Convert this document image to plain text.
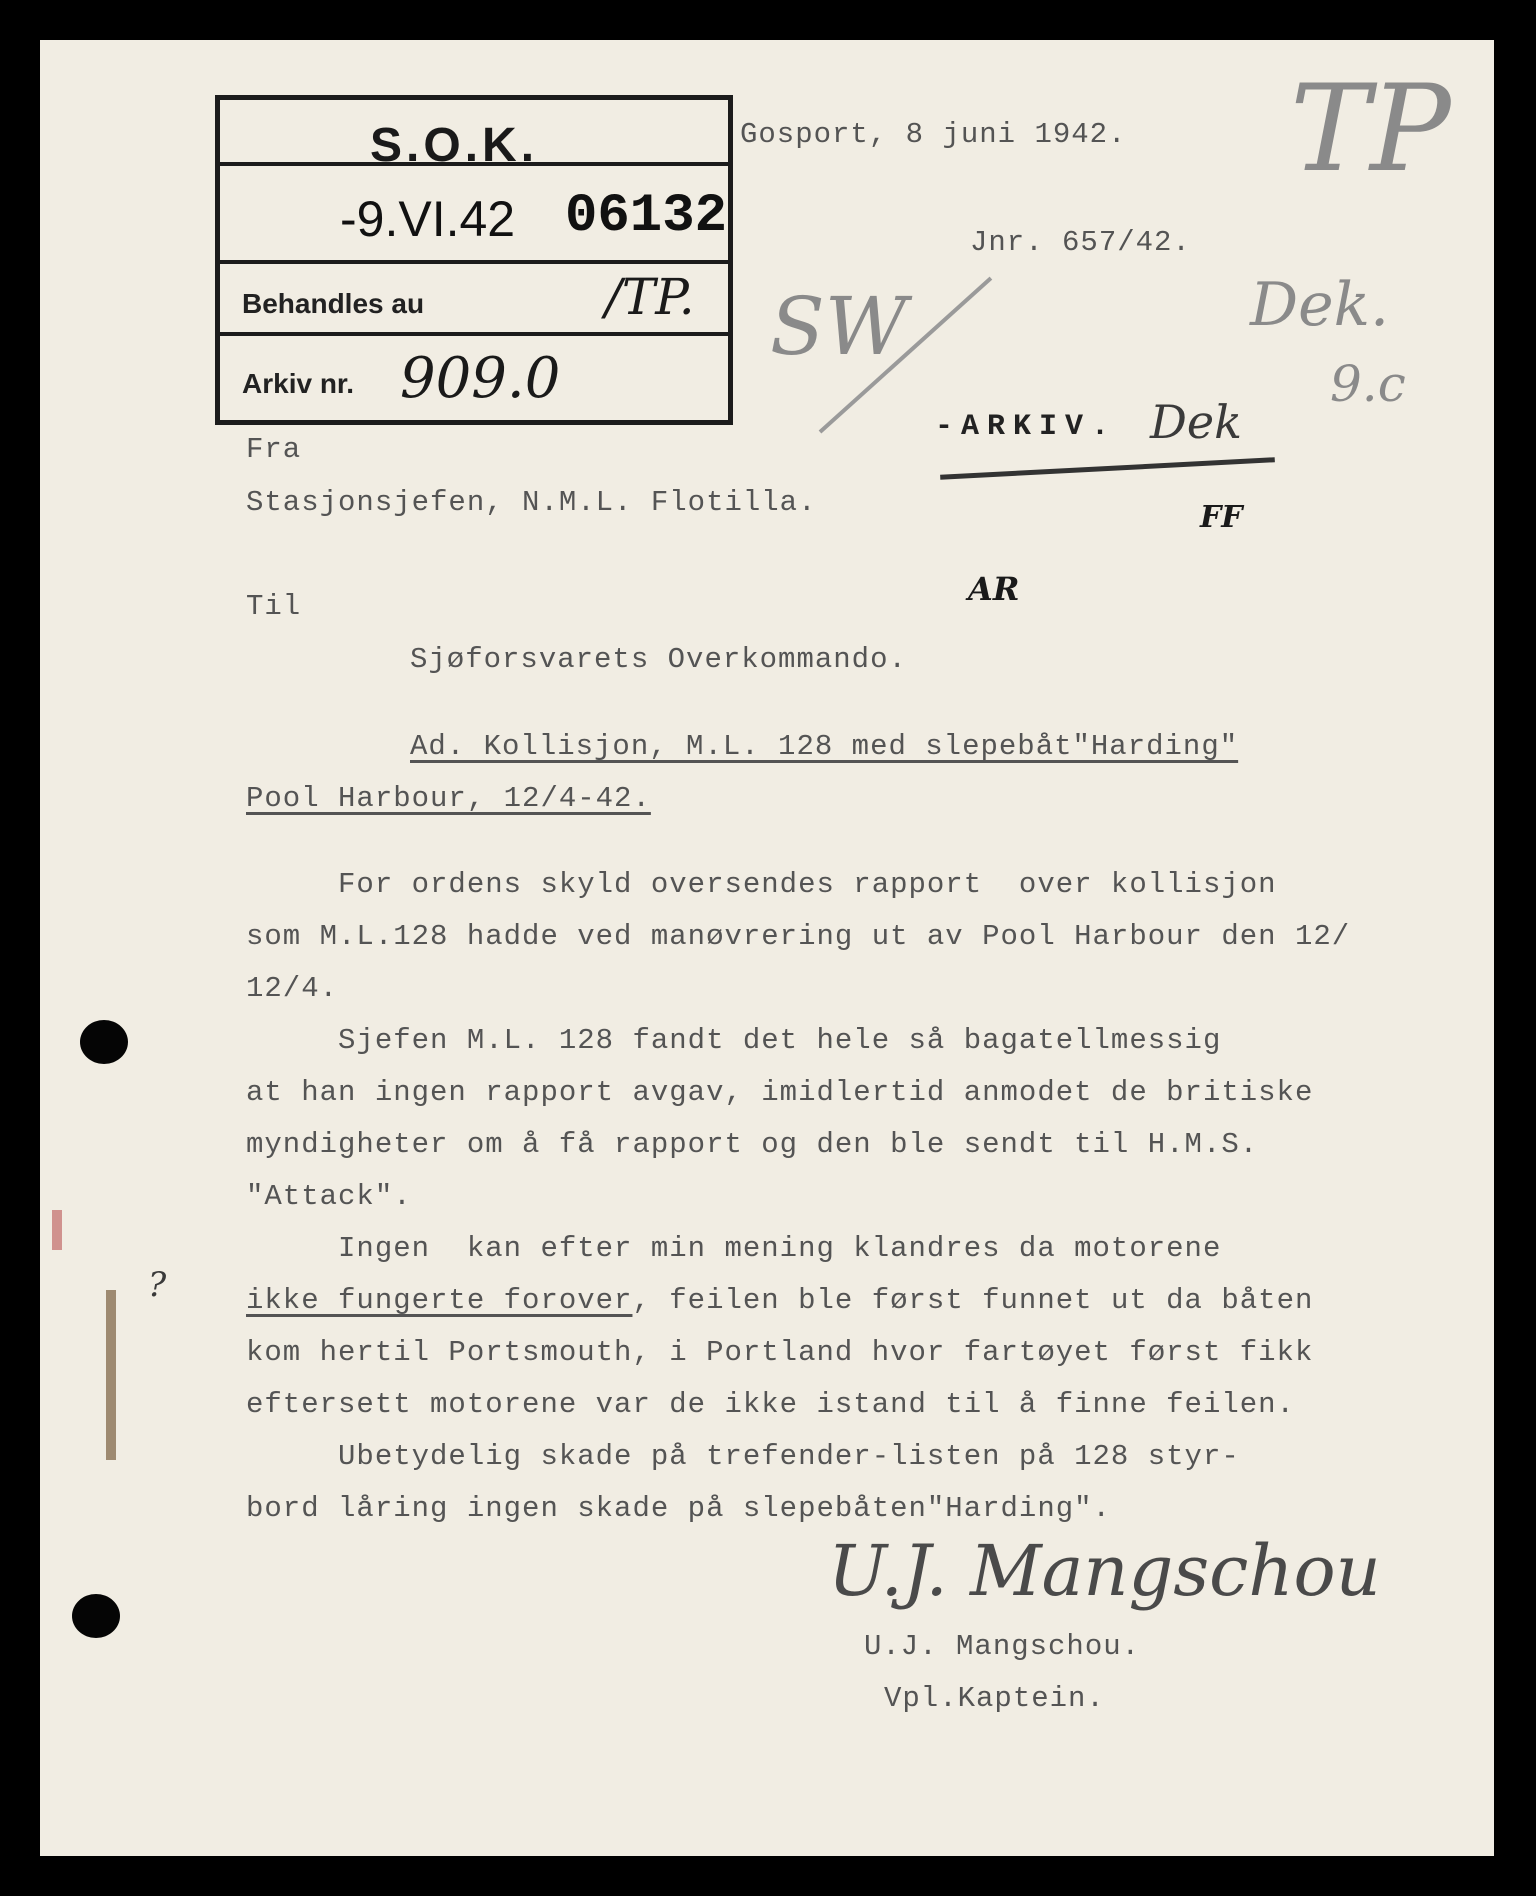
S.O.K.
-9.VI.42 06132
Behandles au	/TP.
Arkiv nr. 909.0
Gosport, 8 juni 1942.
Jnr. 657/42.
TP
SW	Dek.
9.c
-ARKIV. Dek
FF
AR
?
Fra
Stasjonsjefen, N.M.L. Flotilla.
Til
Sjøforsvarets Overkommando.
Ad. Kollisjon, M.L. 128 med slepebåt"Harding"
Pool Harbour, 12/4-42.
For ordens skyld oversendes rapport  over kollisjon
som M.L.128 hadde ved manøvrering ut av Pool Harbour den 12/
12/4.
Sjefen M.L. 128 fandt det hele så bagatellmessig
at han ingen rapport avgav, imidlertid anmodet de britiske
myndigheter om å få rapport og den ble sendt til H.M.S.
"Attack".
Ingen  kan efter min mening klandres da motorene
ikke fungerte forover, feilen ble først funnet ut da båten
kom hertil Portsmouth, i Portland hvor fartøyet først fikk
eftersett motorene var de ikke istand til å finne feilen.
Ubetydelig skade på trefender-listen på 128 styr-
bord låring ingen skade på slepebåten"Harding".
U.J. Mangschou
U.J. Mangschou.
Vpl.Kaptein.
